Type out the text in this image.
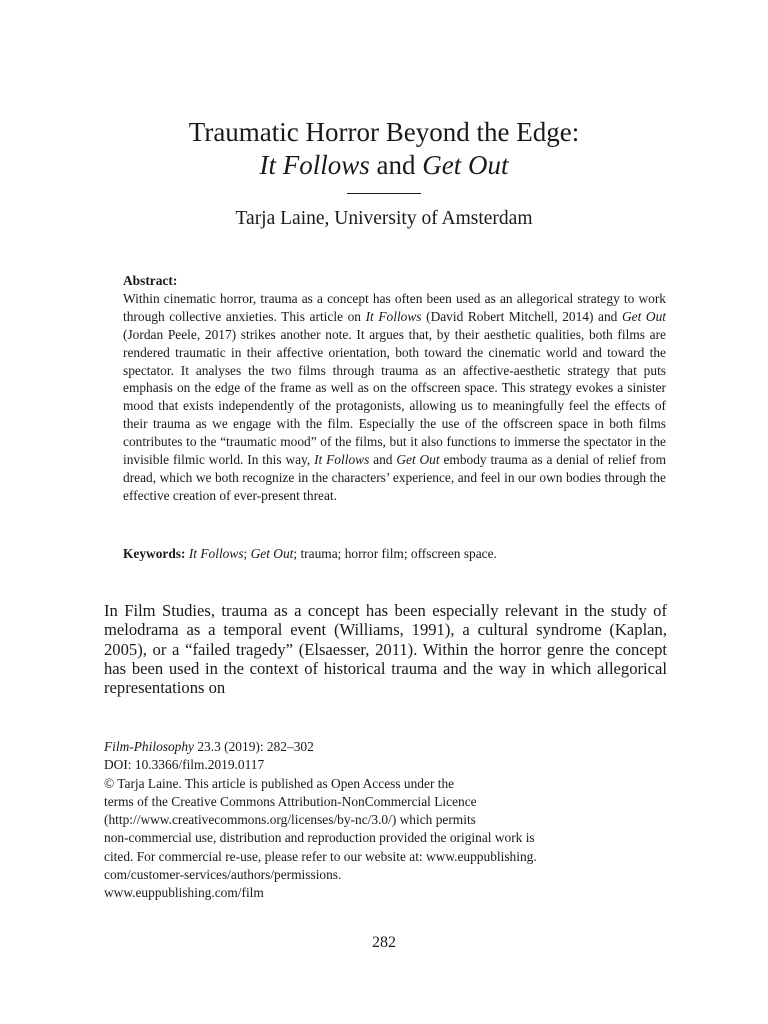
Traumatic Horror Beyond the Edge:
It Follows and Get Out
Tarja Laine, University of Amsterdam
Abstract:
Within cinematic horror, trauma as a concept has often been used as an allegorical strategy to work through collective anxieties. This article on It Follows (David Robert Mitchell, 2014) and Get Out (Jordan Peele, 2017) strikes another note. It argues that, by their aesthetic qualities, both films are rendered traumatic in their affective orientation, both toward the cinematic world and toward the spectator. It analyses the two films through trauma as an affective-aesthetic strategy that puts emphasis on the edge of the frame as well as on the offscreen space. This strategy evokes a sinister mood that exists independently of the protagonists, allowing us to meaningfully feel the effects of their trauma as we engage with the film. Especially the use of the offscreen space in both films contributes to the “traumatic mood” of the films, but it also functions to immerse the spectator in the invisible filmic world. In this way, It Follows and Get Out embody trauma as a denial of relief from dread, which we both recognize in the characters’ experience, and feel in our own bodies through the effective creation of ever-present threat.
Keywords: It Follows; Get Out; trauma; horror film; offscreen space.
In Film Studies, trauma as a concept has been especially relevant in the study of melodrama as a temporal event (Williams, 1991), a cultural syndrome (Kaplan, 2005), or a “failed tragedy” (Elsaesser, 2011). Within the horror genre the concept has been used in the context of historical trauma and the way in which allegorical representations on
Film-Philosophy 23.3 (2019): 282–302
DOI: 10.3366/film.2019.0117
© Tarja Laine. This article is published as Open Access under the
terms of the Creative Commons Attribution-NonCommercial Licence
(http://www.creativecommons.org/licenses/by-nc/3.0/) which permits
non-commercial use, distribution and reproduction provided the original work is
cited. For commercial re-use, please refer to our website at: www.euppublishing.
com/customer-services/authors/permissions.
www.euppublishing.com/film
282
